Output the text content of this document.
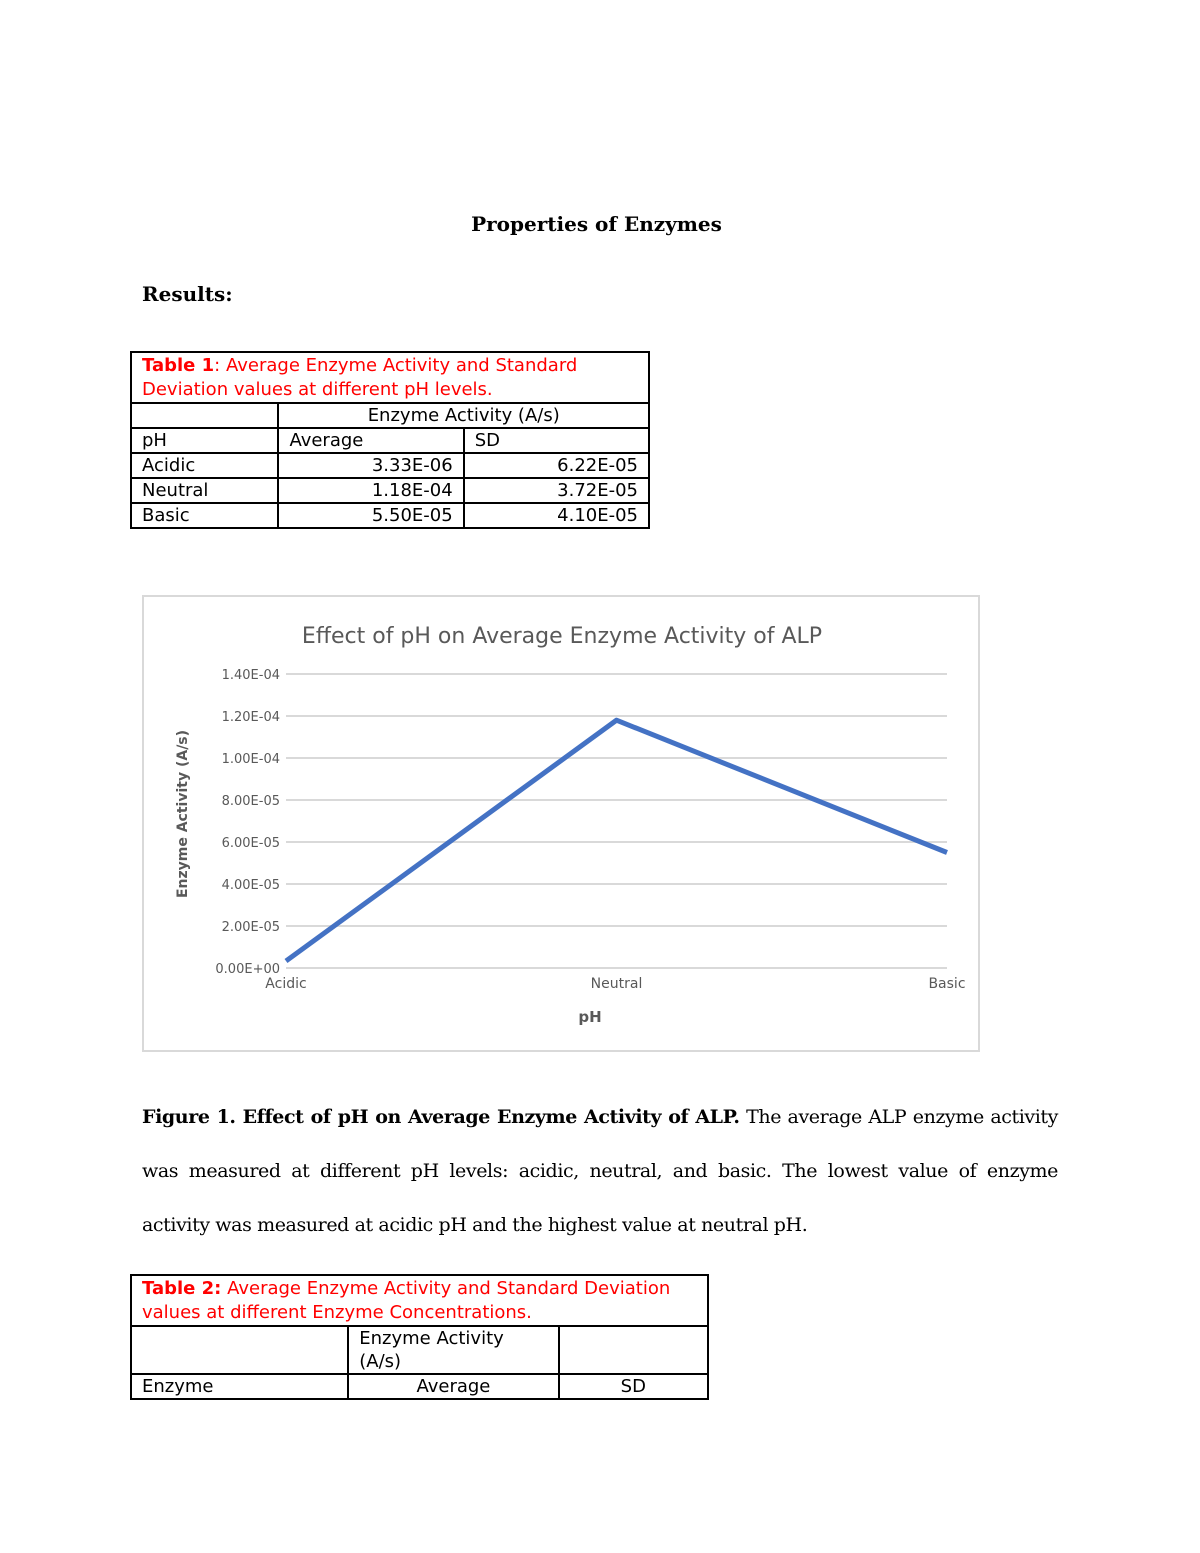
Properties of Enzymes
Results:
Table 1: Average Enzyme Activity and Standard Deviation values at different pH levels.		
	Enzyme Activity (A/s)	
pH	Average	SD
Acidic	3.33E-06	6.22E-05
Neutral	1.18E-04	3.72E-05
Basic	5.50E-05	4.10E-05
Effect of pH on Average Enzyme Activity of ALP
0.00E+00
2.00E-05
4.00E-05
6.00E-05
8.00E-05
1.00E-04
1.20E-04
1.40E-04
Acidic	Neutral	Basic
pH
Enzyme Activity (A/s)
Figure 1. Effect of pH on Average Enzyme Activity of ALP. The average ALP enzyme activity was measured at different pH levels: acidic, neutral, and basic. The lowest value of enzyme activity was measured at acidic pH and the highest value at neutral pH.
Table 2: Average Enzyme Activity and Standard Deviation values at different Enzyme Concentrations.		
	Enzyme Activity (A/s)	
Enzyme	Average	SD
